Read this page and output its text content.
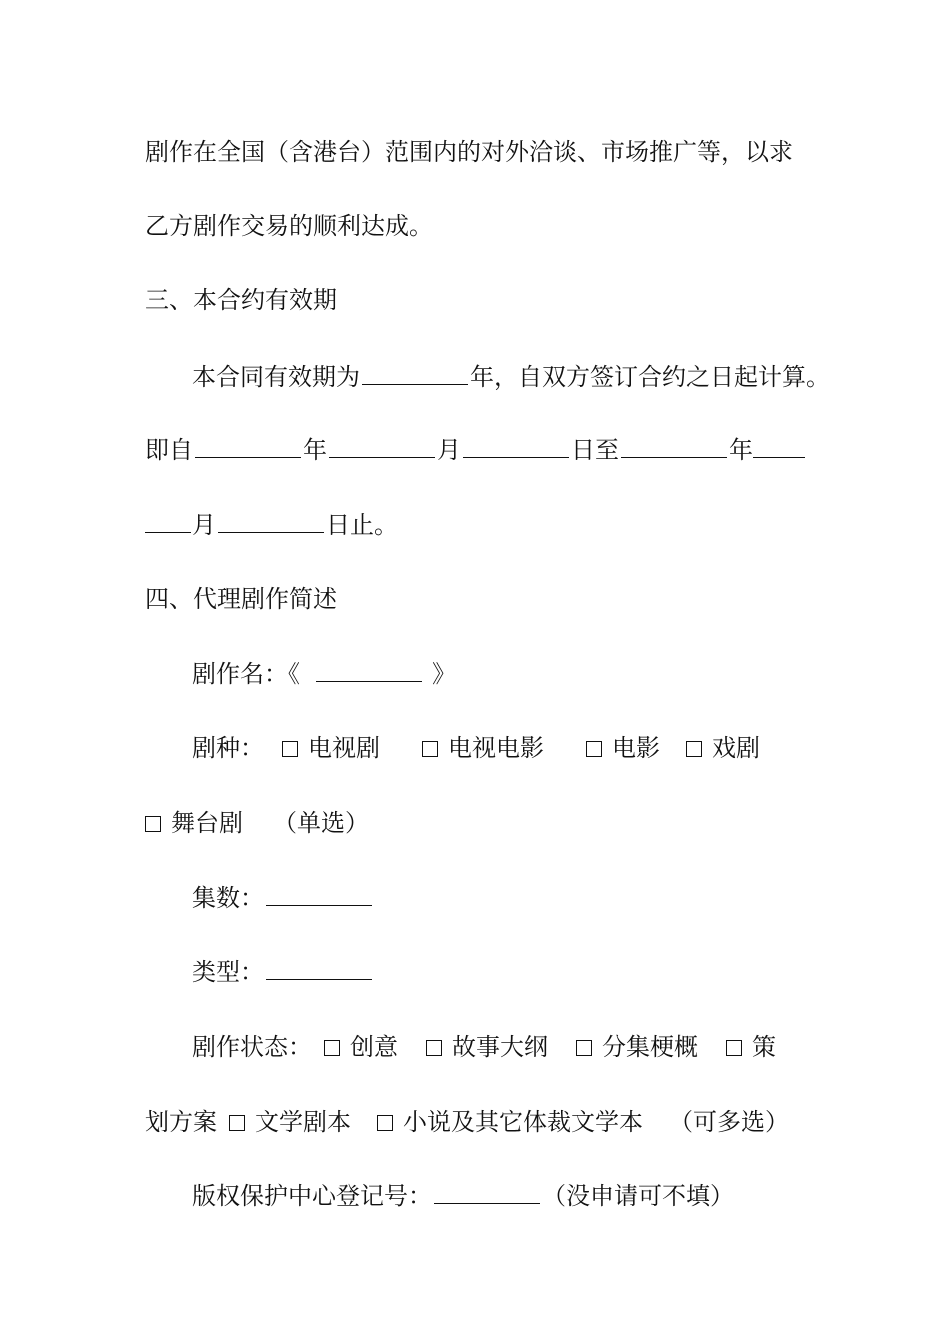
剧作在全国（含港台）范围内的对外洽谈、市场推广等，以求
乙方剧作交易的顺利达成。
三、本合约有效期
本合同有效期为	年，自双方签订合约之日起计算。
即自	年	月	日至	年
月	日止。
四、代理剧作简述
剧作名：《	》
剧种： 电视剧	电视电影	电影 戏剧
舞台剧 （单选）
集数：
类型：
剧作状态： 创意 故事大纲 分集梗概 策
划方案 文学剧本 小说及其它体裁文学本 （可多选）
版权保护中心登记号：	（没申请可不填）
